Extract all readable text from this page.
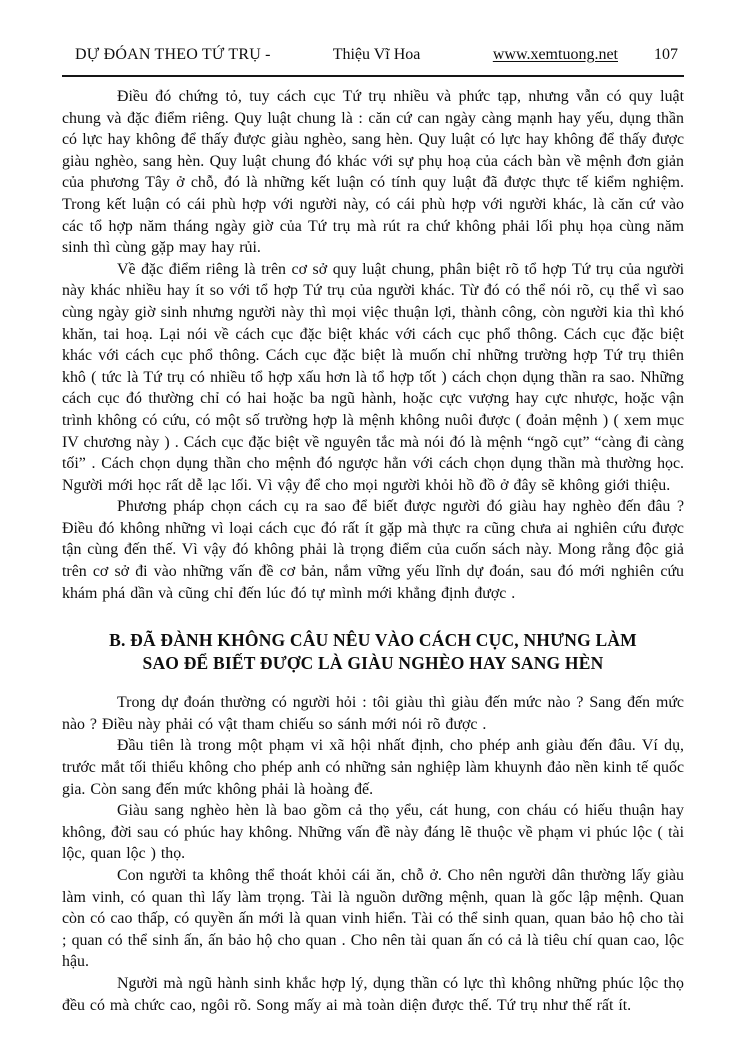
DỰ ĐÓAN THEO TỨ TRỤ -	Thiệu Vĩ Hoa	www.xemtuong.net 107

Điều đó chứng tỏ, tuy cách cục Tứ trụ nhiều và phức tạp, nhưng vẫn có quy luật chung và đặc điểm riêng. Quy luật chung là : căn cứ can ngày càng mạnh hay yếu, dụng thần có lực hay không để thấy được giàu nghèo, sang hèn. Quy luật có lực hay không để thấy được giàu nghèo, sang hèn. Quy luật chung đó khác với sự phụ hoạ của cách bàn về mệnh đơn giản của phương Tây ở chỗ, đó là những kết luận có tính quy luật đã được thực tế kiểm nghiệm. Trong kết luận có cái phù hợp với người này, có cái phù hợp với người khác, là căn cứ vào các tổ hợp năm tháng ngày giờ của Tứ trụ mà rút ra chứ không phải lối phụ họa cùng năm sinh thì cùng gặp may hay rủi.

Về đặc điểm riêng là trên cơ sở quy luật chung, phân biệt rõ tổ hợp Tứ trụ của người này khác nhiều hay ít so với tổ hợp Tứ trụ của người khác. Từ đó có thể nói rõ, cụ thể vì sao cùng ngày giờ sinh nhưng người này thì mọi việc thuận lợi, thành công, còn người kia thì khó khăn, tai hoạ. Lại nói về cách cục đặc biệt khác với cách cục phổ thông. Cách cục đặc biệt khác với cách cục phổ thông. Cách cục đặc biệt là muốn chỉ những trường hợp Tứ trụ thiên khô ( tức là Tứ trụ có nhiều tổ hợp xấu hơn là tổ hợp tốt ) cách chọn dụng thần ra sao. Những cách cục đó thường chỉ có hai hoặc ba ngũ hành, hoặc cực vượng hay cực nhược, hoặc vận trình không có cứu, có một số trường hợp là mệnh không nuôi được ( đoản mệnh ) ( xem mục IV chương này ) . Cách cục đặc biệt về nguyên tắc mà nói đó là mệnh “ngõ cụt” “càng đi càng tối” . Cách chọn dụng thần cho mệnh đó ngược hẳn với cách chọn dụng thần mà thường học. Người mới học rất dễ lạc lối. Vì vậy để cho mọi người khỏi hồ đồ ở đây sẽ không giới thiệu.

Phương pháp chọn cách cụ ra sao để biết được người đó giàu hay nghèo đến đâu ? Điều đó không những vì loại cách cục đó rất ít gặp mà thực ra cũng chưa ai nghiên cứu được tận cùng đến thế. Vì vậy đó không phải là trọng điểm của cuốn sách này. Mong rằng độc giả trên cơ sở đi vào những vấn đề cơ bản, nắm vững yếu lĩnh dự đoán, sau đó mới nghiên cứu khám phá dần và cũng chỉ đến lúc đó tự mình mới khẳng định được .

B. ĐÃ ĐÀNH KHÔNG CÂU NÊU VÀO CÁCH CỤC, NHƯNG LÀM
SAO ĐỂ BIẾT ĐƯỢC LÀ GIÀU NGHÈO HAY SANG HÈN

Trong dự đoán thường có người hỏi : tôi giàu thì giàu đến mức nào ? Sang đến mức nào ? Điều này phải có vật tham chiếu so sánh mới nói rõ được .

Đầu tiên là trong một phạm vi xã hội nhất định, cho phép anh giàu đến đâu. Ví dụ, trước mắt tối thiểu không cho phép anh có những sản nghiệp làm khuynh đảo nền kinh tế quốc gia. Còn sang đến mức không phải là hoàng đế.

Giàu sang nghèo hèn là bao gồm cả thọ yểu, cát hung, con cháu có hiếu thuận hay không, đời sau có phúc hay không. Những vấn đề này đáng lẽ thuộc về phạm vi phúc lộc ( tài lộc, quan lộc ) thọ.

Con người ta không thể thoát khỏi cái ăn, chỗ ở. Cho nên người dân thường lấy giàu làm vinh, có quan thì lấy làm trọng. Tài là nguồn dưỡng mệnh, quan là gốc lập mệnh. Quan còn có cao thấp, có quyền ấn mới là quan vinh hiển. Tài có thể sinh quan, quan bảo hộ cho tài ; quan có thể sinh ấn, ấn bảo hộ cho quan . Cho nên tài quan ấn có cả là tiêu chí quan cao, lộc hậu.

Người mà ngũ hành sinh khắc hợp lý, dụng thần có lực thì không những phúc lộc thọ đều có mà chức cao, ngôi rõ. Song mấy ai mà toàn diện được thế. Tứ trụ như thế rất ít.
